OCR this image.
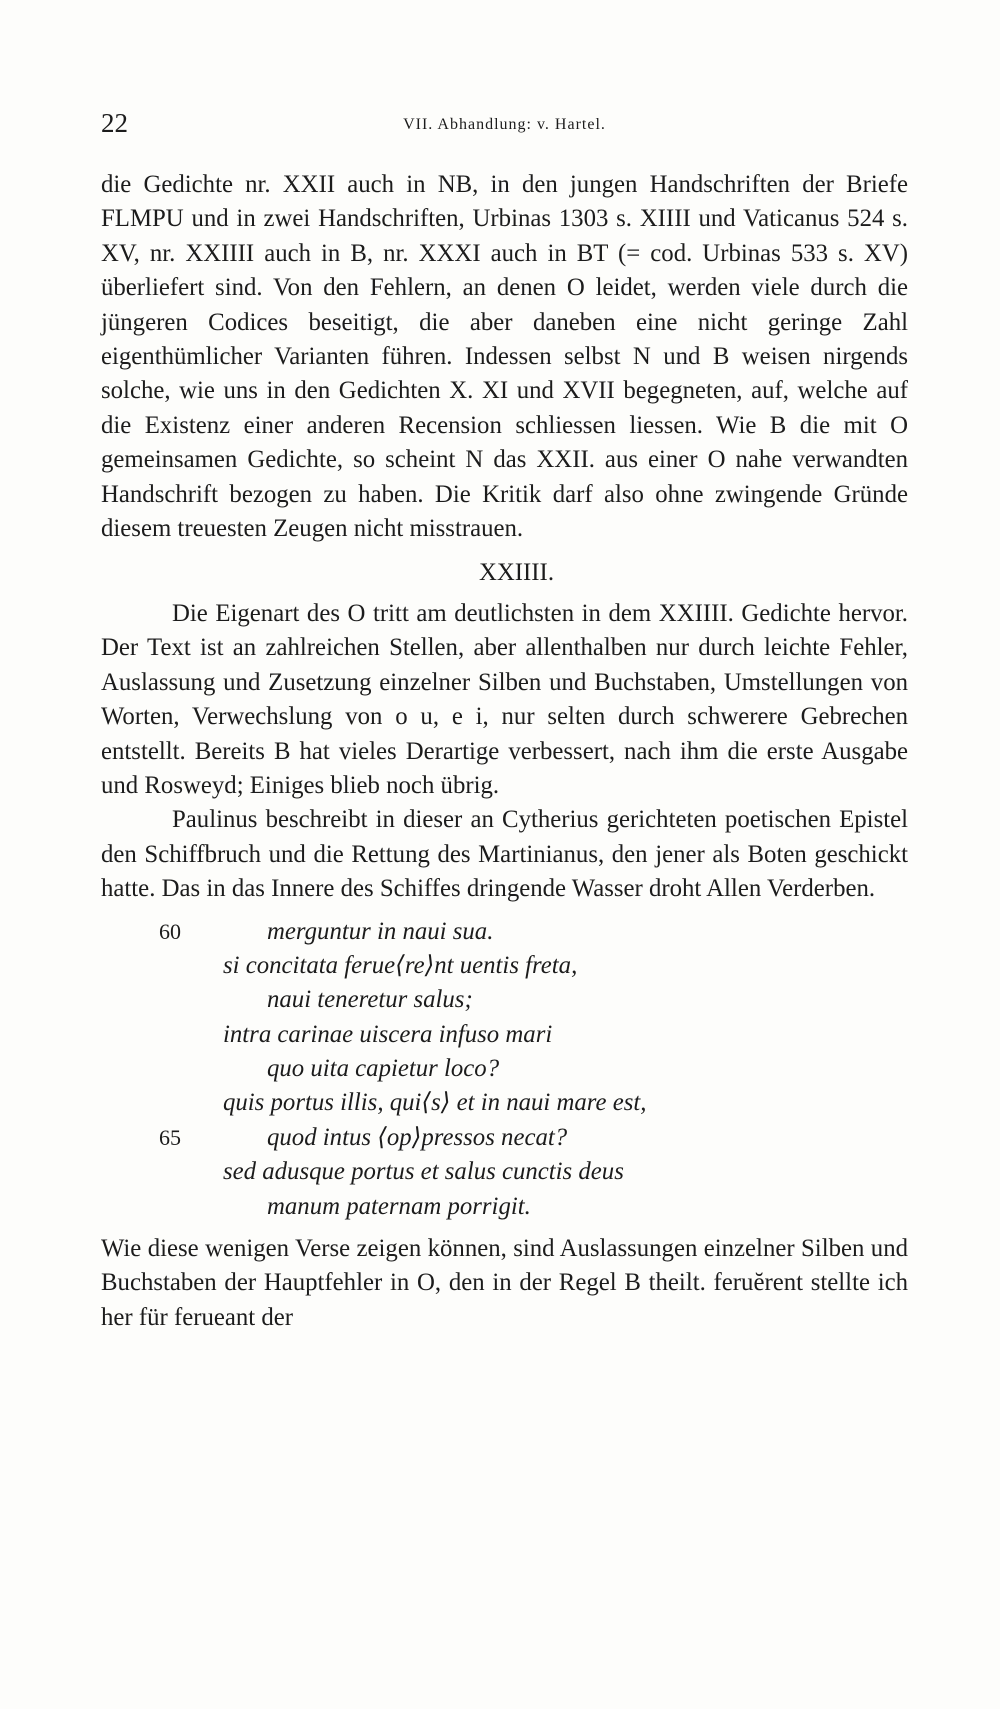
22	VII. Abhandlung: v. Hartel.

die Gedichte nr. XXII auch in NB, in den jungen Handschriften der Briefe FLMPU und in zwei Handschriften, Urbinas 1303 s. XIIII und Vaticanus 524 s. XV, nr. XXIIII auch in B, nr. XXXI auch in BT (= cod. Urbinas 533 s. XV) überliefert sind. Von den Fehlern, an denen O leidet, werden viele durch die jüngeren Codices beseitigt, die aber daneben eine nicht geringe Zahl eigenthümlicher Varianten führen. Indessen selbst N und B weisen nirgends solche, wie uns in den Gedichten X. XI und XVII begegneten, auf, welche auf die Existenz einer anderen Recension schliessen liessen. Wie B die mit O gemeinsamen Gedichte, so scheint N das XXII. aus einer O nahe verwandten Handschrift bezogen zu haben. Die Kritik darf also ohne zwingende Gründe diesem treuesten Zeugen nicht misstrauen.

XXIIII.

Die Eigenart des O tritt am deutlichsten in dem XXIIII. Gedichte hervor. Der Text ist an zahlreichen Stellen, aber allenthalben nur durch leichte Fehler, Auslassung und Zusetzung einzelner Silben und Buchstaben, Umstellungen von Worten, Verwechslung von o u, e i, nur selten durch schwerere Gebrechen entstellt. Bereits B hat vieles Derartige verbessert, nach ihm die erste Ausgabe und Rosweyd; Einiges blieb noch übrig.

Paulinus beschreibt in dieser an Cytherius gerichteten poetischen Epistel den Schiffbruch und die Rettung des Martinianus, den jener als Boten geschickt hatte. Das in das Innere des Schiffes dringende Wasser droht Allen Verderben.

60	merguntur in naui sua.
si concitata ferue⟨re⟩nt uentis freta,
naui teneretur salus;
intra carinae uiscera infuso mari
quo uita capietur loco?
quis portus illis, qui⟨s⟩ et in naui mare est,
65	quod intus ⟨op⟩pressos necat?
sed adusque portus et salus cunctis deus
manum paternam porrigit.

Wie diese wenigen Verse zeigen können, sind Auslassungen einzelner Silben und Buchstaben der Hauptfehler in O, den in der Regel B theilt. feruĕrent stellte ich her für ferueant der
